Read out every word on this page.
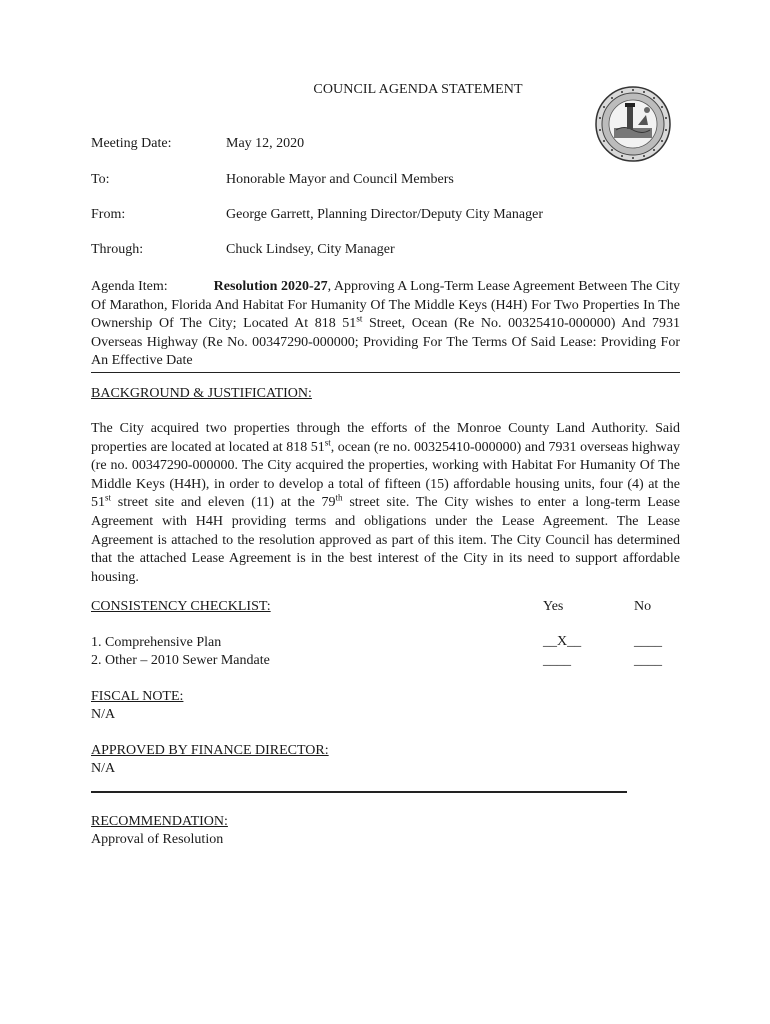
COUNCIL AGENDA STATEMENT
Meeting Date:	May 12, 2020
To:	Honorable Mayor and Council Members
From:	George Garrett, Planning Director/Deputy City Manager
Through:	Chuck Lindsey, City Manager
Agenda Item:	Resolution 2020-27, Approving A Long-Term Lease Agreement Between The City Of Marathon, Florida And Habitat For Humanity Of The Middle Keys (H4H) For Two Properties In The Ownership Of The City; Located At 818 51st Street, Ocean (Re No. 00325410-000000) And 7931 Overseas Highway (Re No. 00347290-000000; Providing For The Terms Of Said Lease: Providing For An Effective Date
BACKGROUND & JUSTIFICATION:
The City acquired two properties through the efforts of the Monroe County Land Authority. Said properties are located at located at 818 51st, ocean (re no. 00325410-000000) and 7931 overseas highway (re no. 00347290-000000. The City acquired the properties, working with Habitat For Humanity Of The Middle Keys (H4H), in order to develop a total of fifteen (15) affordable housing units, four (4) at the 51st street site and eleven (11) at the 79th street site. The City wishes to enter a long-term Lease Agreement with H4H providing terms and obligations under the Lease Agreement. The Lease Agreement is attached to the resolution approved as part of this item. The City Council has determined that the attached Lease Agreement is in the best interest of the City in its need to support affordable housing.
CONSISTENCY CHECKLIST:	Yes	No
1. Comprehensive Plan	__X__	____
2. Other – 2010 Sewer Mandate	____	____
FISCAL NOTE:
N/A
APPROVED BY FINANCE DIRECTOR:
N/A
RECOMMENDATION:
Approval of Resolution
